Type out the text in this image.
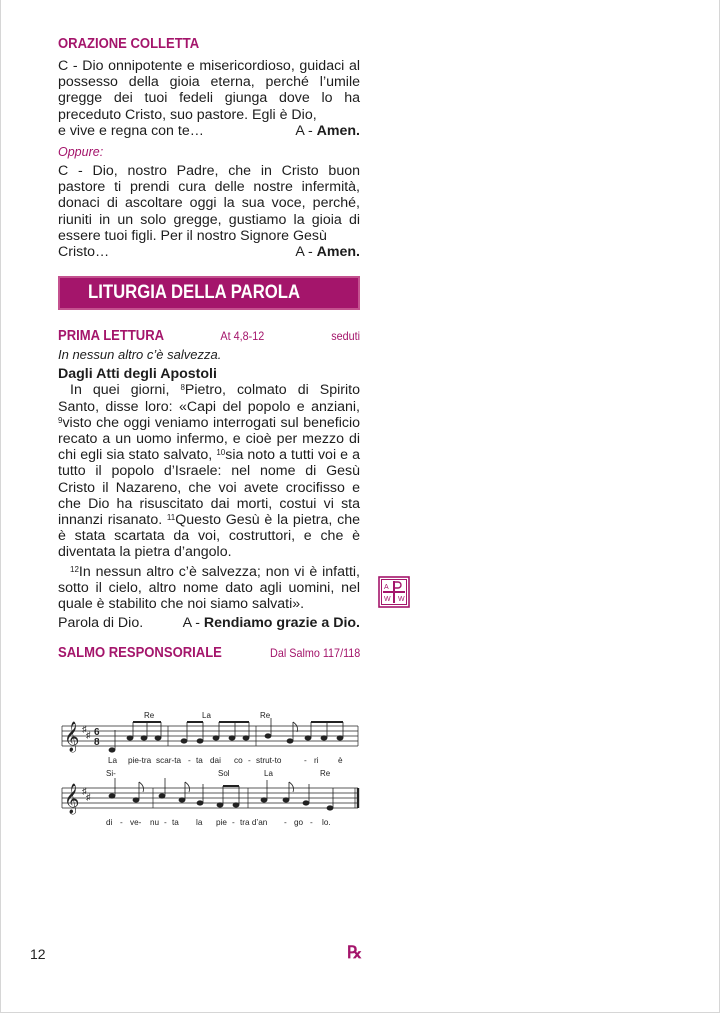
ORAZIONE COLLETTA

C - Dio onnipotente e misericordioso, guidaci al possesso della gioia eterna, perché l’umile gregge dei tuoi fedeli giunga dove lo ha preceduto Cristo, suo pastore. Egli è Dio,

e vive e regna con te…	A - Amen.
Oppure:

C - Dio, nostro Padre, che in Cristo buon pastore ti prendi cura delle nostre infermità, donaci di ascoltare oggi la sua voce, perché, riuniti in un solo gregge, gustiamo la gioia di essere tuoi figli. Per il nostro Signore Gesù

Cristo…	A - Amen.
LITURGIA DELLA PAROLA
PRIMA LETTURA	At 4,8-12	seduti
In nessun altro c’è salvezza.

Dagli Atti degli Apostoli

In quei giorni, $^8$Pietro, colmato di Spirito Santo, disse loro: «Capi del popolo e anziani, $^9$visto che oggi veniamo interrogati sul beneficio recato a un uomo infermo, e cioè per mezzo di chi egli sia stato salvato, $^{10}$sia noto a tutti voi e a tutto il popolo d’Israele: nel nome di Gesù Cristo il Nazareno, che voi avete crocifisso e che Dio ha risuscitato dai morti, costui vi sta innanzi risanato. $^{11}$Questo Gesù è la pietra, che è stata scartata da voi, costruttori, e che è diventata la pietra d’angolo.

$^{12}$In nessun altro c’è salvezza; non vi è infatti, sotto il cielo, altro nome dato agli uomini, nel quale è stabilito che noi siamo salvati».

Parola di Dio.	A - Rendiamo grazie a Dio.
SALMO RESPONSORIALE	Dal Salmo 117/118
A
W W
𝄞
𝄞
♯
♯
♯
♯
6
8
Re	La	Re
Si-	Sol	La	Re
La pie-tra scar-ta - ta dai co - strut-to	- ri è
di - ve- nu - ta la pie - tra d’an - go - lo.
12	℞
